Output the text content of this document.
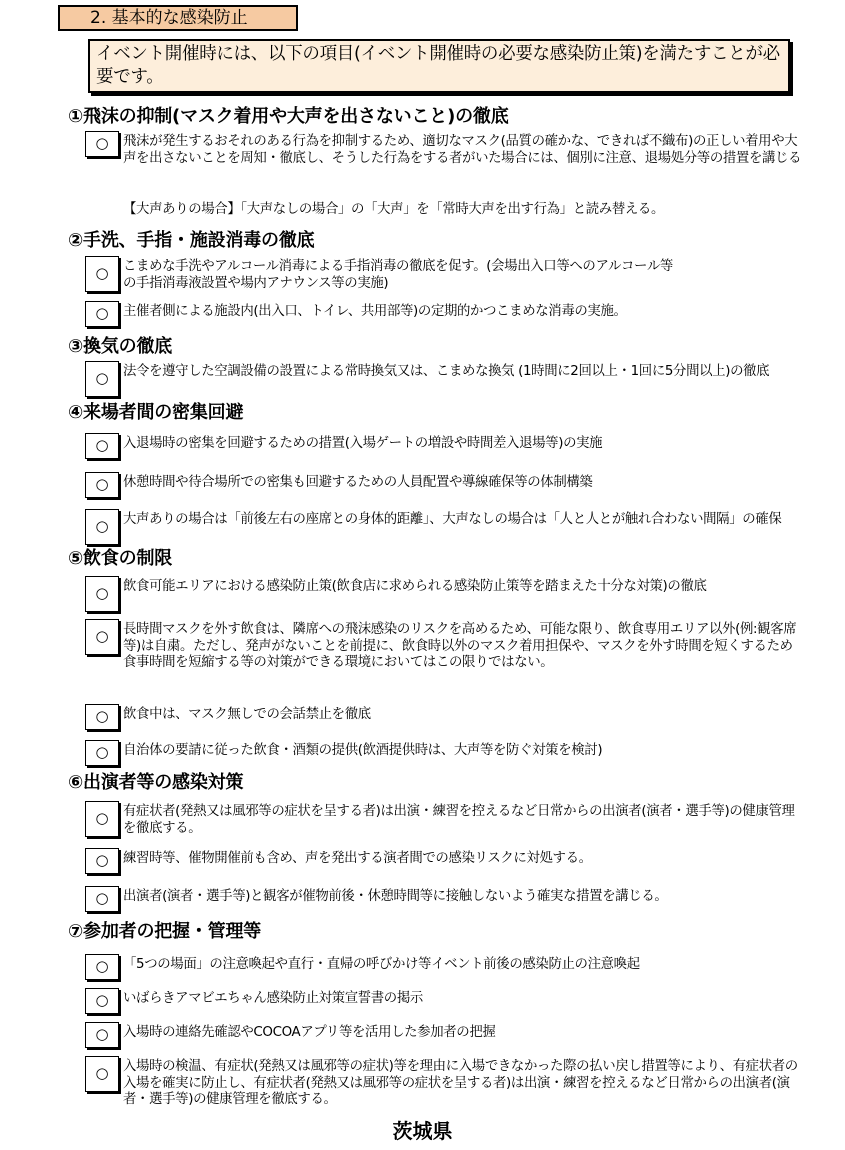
2. 基本的な感染防止
イベント開催時には、以下の項目(イベント開催時の必要な感染防止策)を満たすことが必要です。
①飛沫の抑制(マスク着用や大声を出さないこと)の徹底
○	飛沫が発生するおそれのある行為を抑制するため、適切なマスク(品質の確かな、できれば不織布)の正しい着用や大声を出さないことを周知・徹底し、そうした行為をする者がいた場合には、個別に注意、退場処分等の措置を講じる
【大声ありの場合】「大声なしの場合」の「大声」を「常時大声を出す行為」と読み替える。
②手洗、手指・施設消毒の徹底
○	こまめな手洗やアルコール消毒による手指消毒の徹底を促す。(会場出入口等へのアルコール等の手指消毒液設置や場内アナウンス等の実施)
○	主催者側による施設内(出入口、トイレ、共用部等)の定期的かつこまめな消毒の実施。
③換気の徹底
○	法令を遵守した空調設備の設置による常時換気又は、こまめな換気 (1時間に2回以上・1回に5分間以上)の徹底
④来場者間の密集回避
○	入退場時の密集を回避するための措置(入場ゲートの増設や時間差入退場等)の実施
○	休憩時間や待合場所での密集も回避するための人員配置や導線確保等の体制構築
○	大声ありの場合は「前後左右の座席との身体的距離」、大声なしの場合は「人と人とが触れ合わない間隔」の確保
⑤飲食の制限
○	飲食可能エリアにおける感染防止策(飲食店に求められる感染防止策等を踏まえた十分な対策)の徹底
○	長時間マスクを外す飲食は、隣席への飛沫感染のリスクを高めるため、可能な限り、飲食専用エリア以外(例:観客席等)は自粛。ただし、発声がないことを前提に、飲食時以外のマスク着用担保や、マスクを外す時間を短くするため食事時間を短縮する等の対策ができる環境においてはこの限りではない。
○	飲食中は、マスク無しでの会話禁止を徹底
○	自治体の要請に従った飲食・酒類の提供(飲酒提供時は、大声等を防ぐ対策を検討)
⑥出演者等の感染対策
○	有症状者(発熱又は風邪等の症状を呈する者)は出演・練習を控えるなど日常からの出演者(演者・選手等)の健康管理を徹底する。
○	練習時等、催物開催前も含め、声を発出する演者間での感染リスクに対処する。
○	出演者(演者・選手等)と観客が催物前後・休憩時間等に接触しないよう確実な措置を講じる。
⑦参加者の把握・管理等
○	「5つの場面」の注意喚起や直行・直帰の呼びかけ等イベント前後の感染防止の注意喚起
○	いばらきアマビエちゃん感染防止対策宣誓書の掲示
○	入場時の連絡先確認やCOCOAアプリ等を活用した参加者の把握
○	入場時の検温、有症状(発熱又は風邪等の症状)等を理由に入場できなかった際の払い戻し措置等により、有症状者の入場を確実に防止し、有症状者(発熱又は風邪等の症状を呈する者)は出演・練習を控えるなど日常からの出演者(演者・選手等)の健康管理を徹底する。
茨城県
